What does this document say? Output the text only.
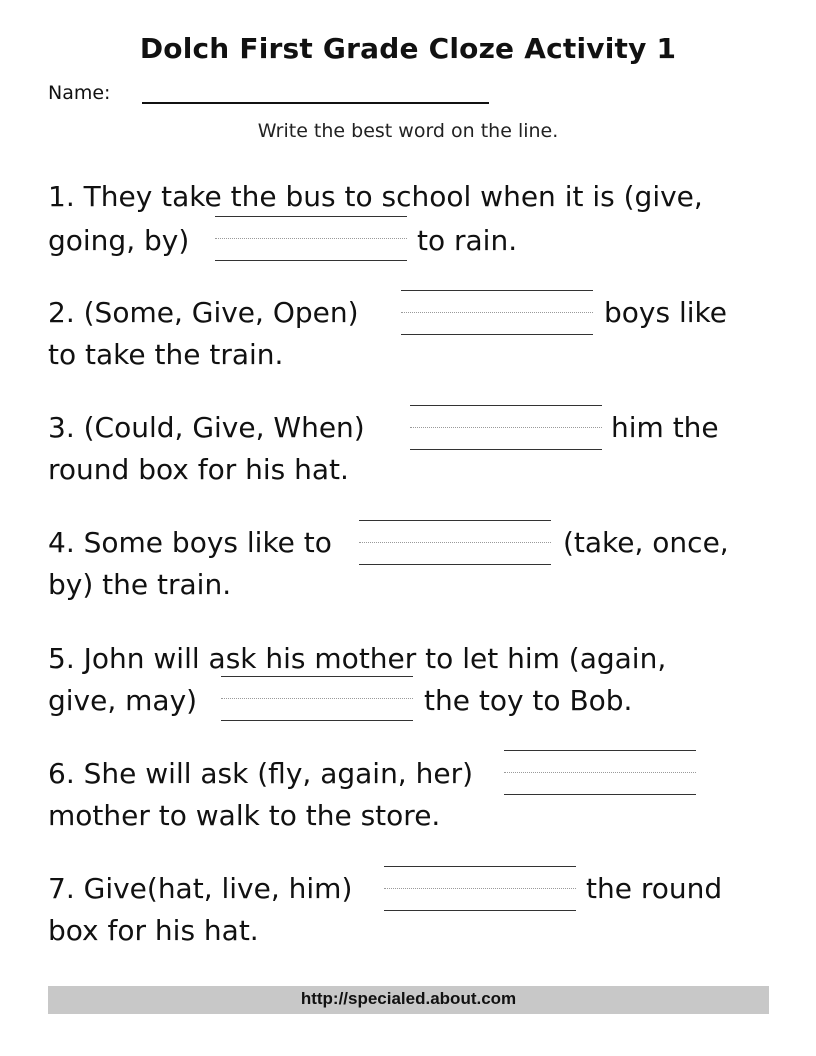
Dolch First Grade Cloze Activity 1
Name:
Write the best word on the line.
1. They take the bus to school when it is (give,
going, by)	to rain.
2. (Some, Give, Open)	boys like
to take the train.
3. (Could, Give, When)	him the
round box for his hat.
4. Some boys like to	(take, once,
by) the train.
5. John will ask his mother to let him (again,
give, may)	the toy to Bob.
6. She will ask (fly, again, her)
mother to walk to the store.
7. Give(hat, live, him)	the round
box for his hat.
http://specialed.about.com
